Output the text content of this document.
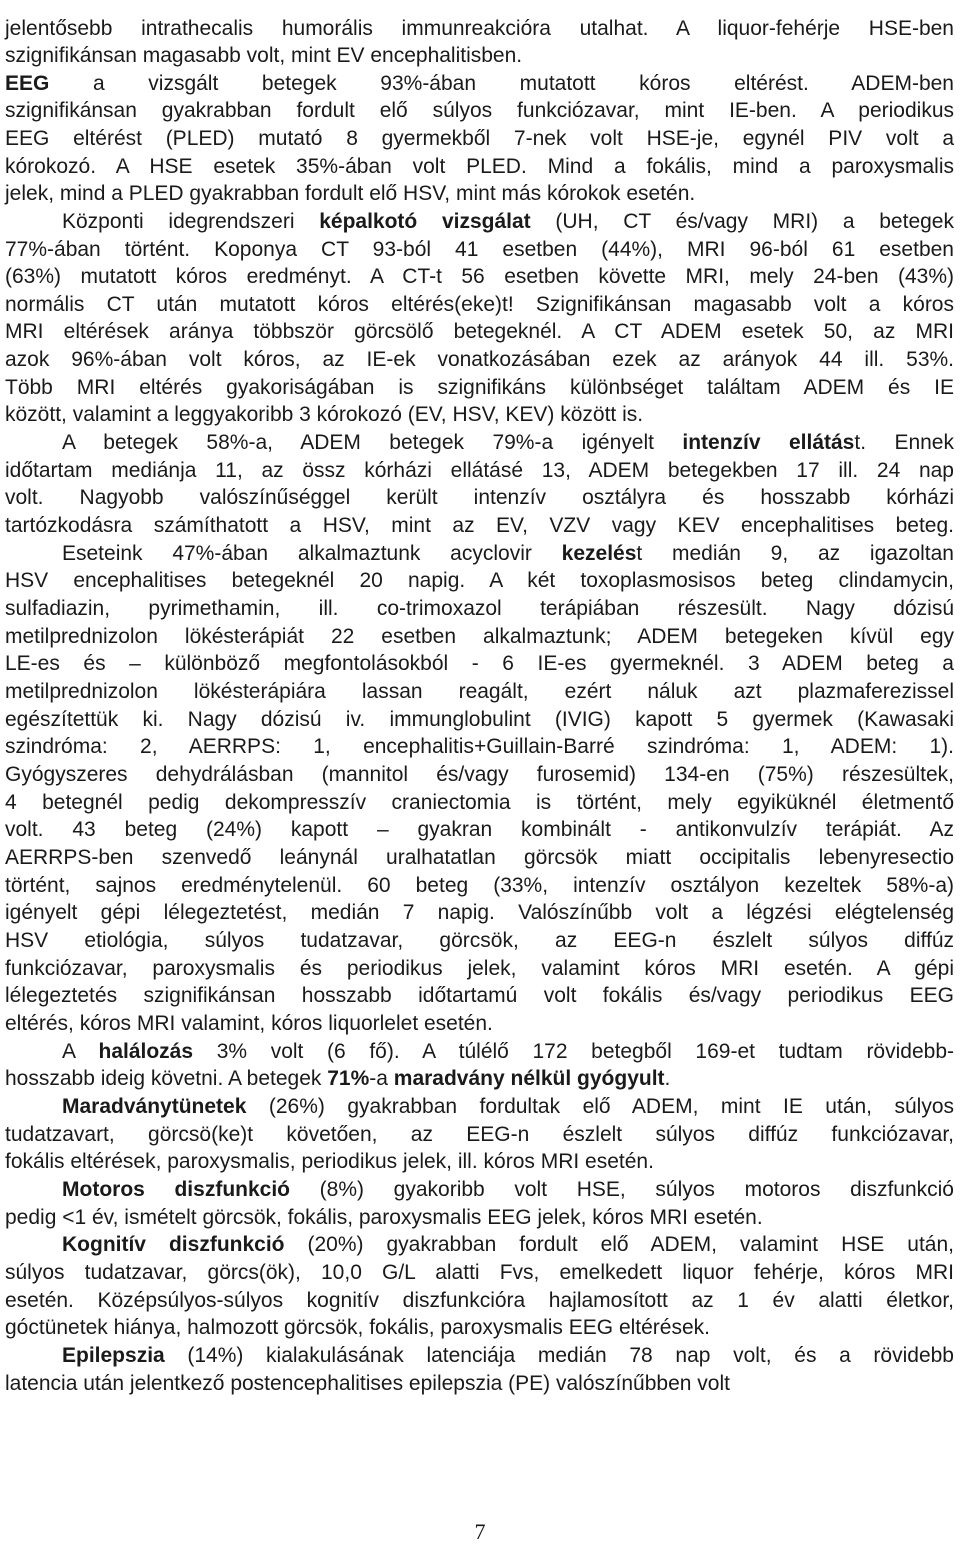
jelentősebb intrathecalis humorális immunreakcióra utalhat. A liquor-fehérje HSE-ben
szignifikánsan magasabb volt, mint EV encephalitisben.
EEG a vizsgált betegek 93%-ában mutatott kóros eltérést. ADEM-ben
szignifikánsan gyakrabban fordult elő súlyos funkciózavar, mint IE-ben. A periodikus
EEG eltérést (PLED) mutató 8 gyermekből 7-nek volt HSE-je, egynél PIV volt a
kórokozó. A HSE esetek 35%-ában volt PLED. Mind a fokális, mind a paroxysmalis
jelek, mind a PLED gyakrabban fordult elő HSV, mint más kórokok esetén.
Központi idegrendszeri képalkotó vizsgálat (UH, CT és/vagy MRI) a betegek
77%-ában történt. Koponya CT 93-ból 41 esetben (44%), MRI 96-ból 61 esetben
(63%) mutatott kóros eredményt. A CT-t 56 esetben követte MRI, mely 24-ben (43%)
normális CT után mutatott kóros eltérés(eke)t! Szignifikánsan magasabb volt a kóros
MRI eltérések aránya többször görcsölő betegeknél. A CT ADEM esetek 50, az MRI
azok 96%-ában volt kóros, az IE-ek vonatkozásában ezek az arányok 44 ill. 53%.
Több MRI eltérés gyakoriságában is szignifikáns különbséget találtam ADEM és IE
között, valamint a leggyakoribb 3 kórokozó (EV, HSV, KEV) között is.
A betegek 58%-a, ADEM betegek 79%-a igényelt intenzív ellátást. Ennek
időtartam mediánja 11, az össz kórházi ellátásé 13, ADEM betegekben 17 ill. 24 nap
volt. Nagyobb valószínűséggel került intenzív osztályra és hosszabb kórházi
tartózkodásra számíthatott a HSV, mint az EV, VZV vagy KEV encephalitises beteg.
Eseteink 47%-ában alkalmaztunk acyclovir kezelést medián 9, az igazoltan
HSV encephalitises betegeknél 20 napig. A két toxoplasmosisos beteg clindamycin,
sulfadiazin, pyrimethamin, ill. co-trimoxazol terápiában részesült. Nagy dózisú
metilprednizolon lökésterápiát 22 esetben alkalmaztunk; ADEM betegeken kívül egy
LE-es és – különböző megfontolásokból - 6 IE-es gyermeknél. 3 ADEM beteg a
metilprednizolon lökésterápiára lassan reagált, ezért náluk azt plazmaferezissel
egészítettük ki. Nagy dózisú iv. immunglobulint (IVIG) kapott 5 gyermek (Kawasaki
szindróma: 2, AERRPS: 1, encephalitis+Guillain-Barré szindróma: 1, ADEM: 1).
Gyógyszeres dehydrálásban (mannitol és/vagy furosemid) 134-en (75%) részesültek,
4 betegnél pedig dekompresszív craniectomia is történt, mely egyiküknél életmentő
volt. 43 beteg (24%) kapott – gyakran kombinált - antikonvulzív terápiát. Az
AERRPS-ben szenvedő leánynál uralhatatlan görcsök miatt occipitalis lebenyresectio
történt, sajnos eredménytelenül. 60 beteg (33%, intenzív osztályon kezeltek 58%-a)
igényelt gépi lélegeztetést, medián 7 napig. Valószínűbb volt a légzési elégtelenség
HSV etiológia, súlyos tudatzavar, görcsök, az EEG-n észlelt súlyos diffúz
funkciózavar, paroxysmalis és periodikus jelek, valamint kóros MRI esetén. A gépi
lélegeztetés szignifikánsan hosszabb időtartamú volt fokális és/vagy periodikus EEG
eltérés, kóros MRI valamint, kóros liquorlelet esetén.
A halálozás 3% volt (6 fő). A túlélő 172 betegből 169-et tudtam rövidebb-
hosszabb ideig követni. A betegek 71%-a maradvány nélkül gyógyult.
Maradványtünetek (26%) gyakrabban fordultak elő ADEM, mint IE után, súlyos
tudatzavart, görcsö(ke)t követően, az EEG-n észlelt súlyos diffúz funkciózavar,
fokális eltérések, paroxysmalis, periodikus jelek, ill. kóros MRI esetén.
Motoros diszfunkció (8%) gyakoribb volt HSE, súlyos motoros diszfunkció
pedig <1 év, ismételt görcsök, fokális, paroxysmalis EEG jelek, kóros MRI esetén.
Kognitív diszfunkció (20%) gyakrabban fordult elő ADEM, valamint HSE után,
súlyos tudatzavar, görcs(ök), 10,0 G/L alatti Fvs, emelkedett liquor fehérje, kóros MRI
esetén. Középsúlyos-súlyos kognitív diszfunkcióra hajlamosított az 1 év alatti életkor,
góctünetek hiánya, halmozott görcsök, fokális, paroxysmalis EEG eltérések.
Epilepszia (14%) kialakulásának latenciája medián 78 nap volt, és a rövidebb
latencia után jelentkező postencephalitises epilepszia (PE) valószínűbben volt
7
